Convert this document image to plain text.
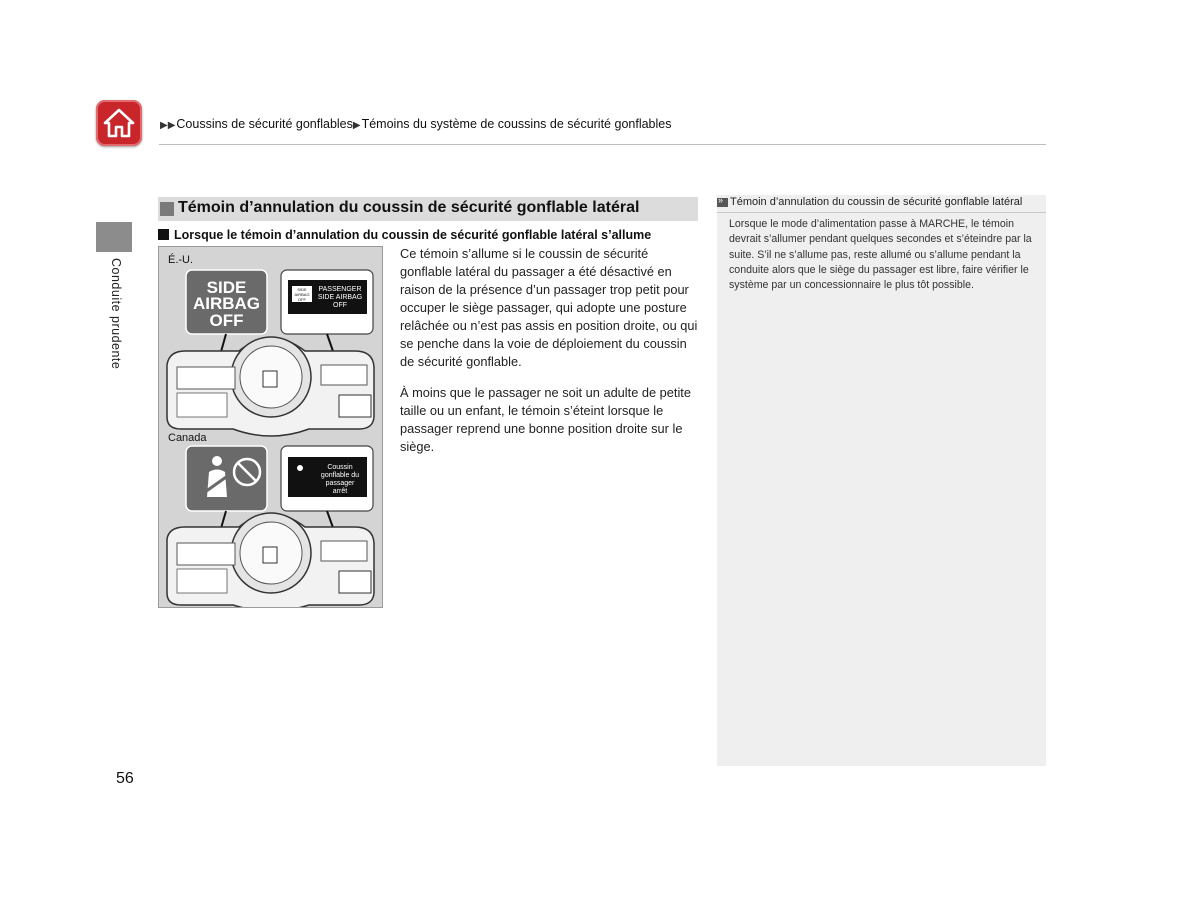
▶▶Coussins de sécurité gonflables▶Témoins du système de coussins de sécurité gonflables
Conduite prudente
Témoin d’annulation du coussin de sécurité gonflable latéral
Lorsque le témoin d’annulation du coussin de sécurité gonflable latéral s’allume
É.-U.
SIDE
AIRBAG
OFF
SIDE
AIRBAG
OFF
PASSENGER
SIDE AIRBAG
OFF
Canada
Coussin
gonflable du
passager
arrêt

Ce témoin s’allume si le coussin de sécurité gonflable latéral du passager a été désactivé en raison de la présence d’un passager trop petit pour occuper le siège passager, qui adopte une posture relâchée ou n’est pas assis en position droite, ou qui se penche dans la voie de déploiement du coussin de sécurité gonflable.

À moins que le passager ne soit un adulte de petite taille ou un enfant, le témoin s’éteint lorsque le passager reprend une bonne position droite sur le siège.

»
Témoin d’annulation du coussin de sécurité gonflable latéral
Lorsque le mode d’alimentation passe à MARCHE, le témoin devrait s’allumer pendant quelques secondes et s’éteindre par la suite. S’il ne s’allume pas, reste allumé ou s’allume pendant la conduite alors que le siège du passager est libre, faire vérifier le système par un concessionnaire le plus tôt possible.
56
